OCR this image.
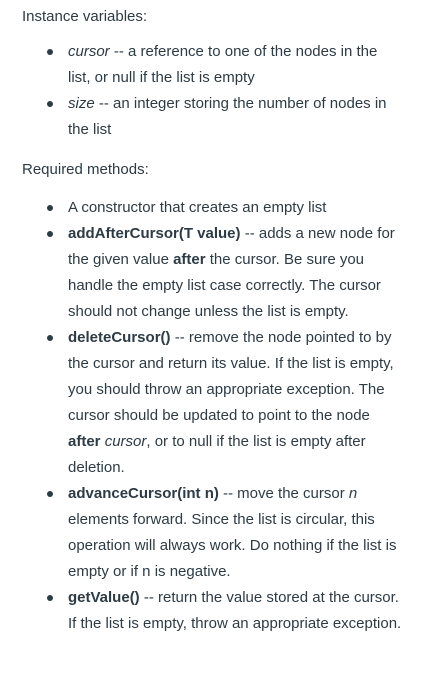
Instance variables:

cursor -- a reference to one of the nodes in the list, or null if the list is empty
size -- an integer storing the number of nodes in the list

Required methods:

A constructor that creates an empty list
addAfterCursor(T value) -- adds a new node for the given value after the cursor. Be sure you handle the empty list case correctly. The cursor should not change unless the list is empty.
deleteCursor() -- remove the node pointed to by the cursor and return its value. If the list is empty, you should throw an appropriate exception. The cursor should be updated to point to the node after cursor, or to null if the list is empty after deletion.
advanceCursor(int n) -- move the cursor n elements forward. Since the list is circular, this operation will always work. Do nothing if the list is empty or if n is negative.
getValue() -- return the value stored at the cursor. If the list is empty, throw an appropriate exception.
